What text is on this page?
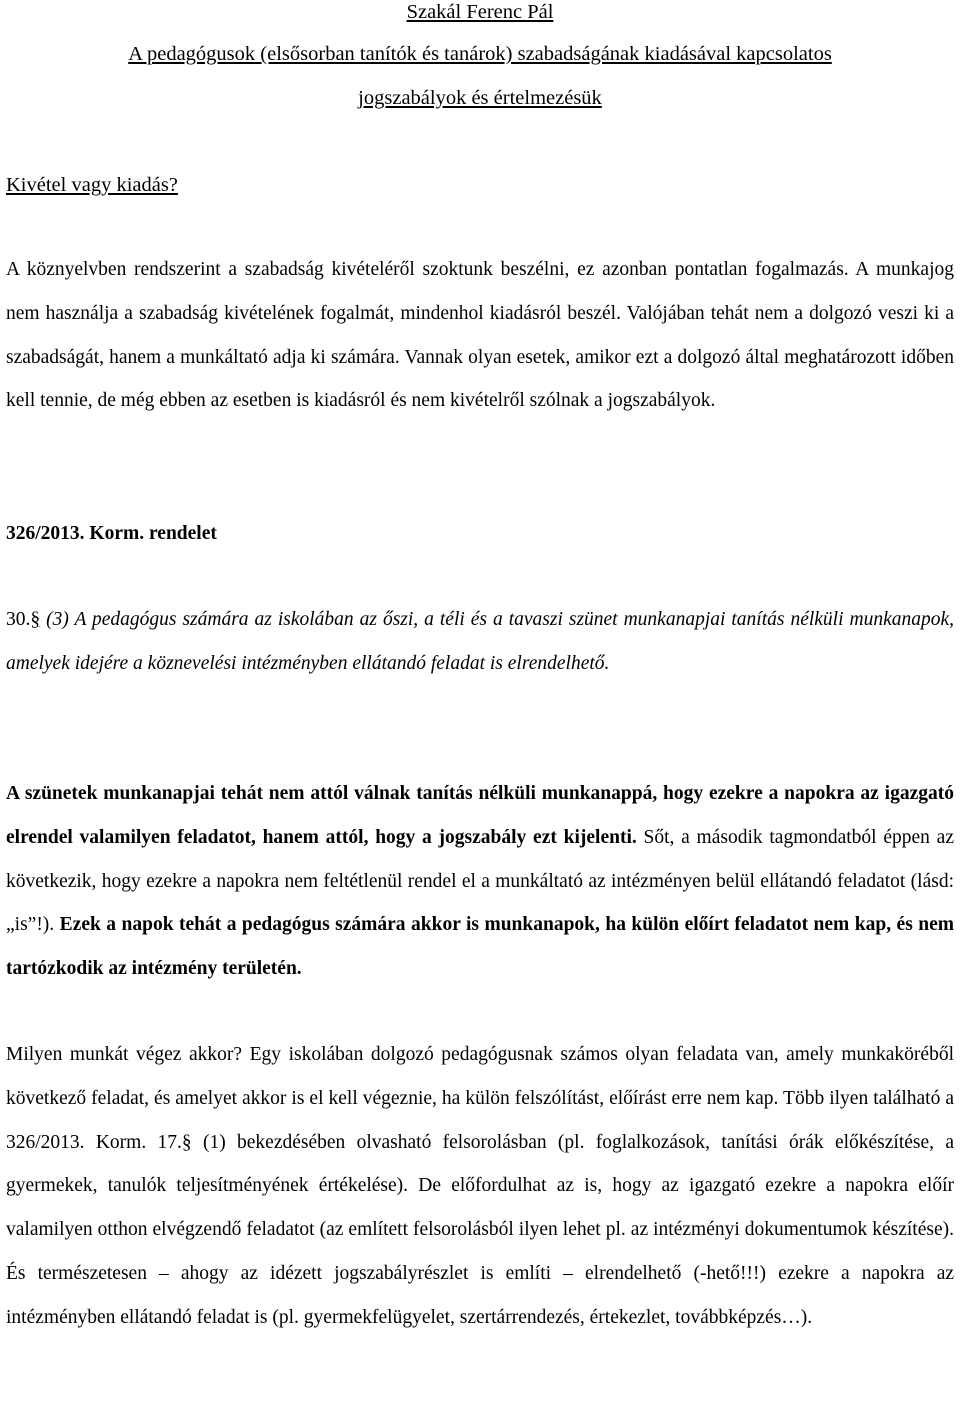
Szakál Ferenc Pál
A pedagógusok (elsősorban tanítók és tanárok) szabadságának kiadásával kapcsolatos
jogszabályok és értelmezésük
Kivétel vagy kiadás?

A köznyelvben rendszerint a szabadság kivételéről szoktunk beszélni, ez azonban pontatlan fogalmazás. A munkajog nem használja a szabadság kivételének fogalmát, mindenhol kiadásról beszél. Valójában tehát nem a dolgozó veszi ki a szabadságát, hanem a munkáltató adja ki számára. Vannak olyan esetek, amikor ezt a dolgozó által meghatározott időben kell tennie, de még ebben az esetben is kiadásról és nem kivételről szólnak a jogszabályok.

326/2013. Korm. rendelet

30.§ (3) A pedagógus számára az iskolában az őszi, a téli és a tavaszi szünet munkanapjai tanítás nélküli munkanapok, amelyek idejére a köznevelési intézményben ellátandó feladat is elrendelhető.

A szünetek munkanapjai tehát nem attól válnak tanítás nélküli munkanappá, hogy ezekre a napokra az igazgató elrendel valamilyen feladatot, hanem attól, hogy a jogszabály ezt kijelenti. Sőt, a második tagmondatból éppen az következik, hogy ezekre a napokra nem feltétlenül rendel el a munkáltató az intézményen belül ellátandó feladatot (lásd: „is”!). Ezek a napok tehát a pedagógus számára akkor is munkanapok, ha külön előírt feladatot nem kap, és nem tartózkodik az intézmény területén.

Milyen munkát végez akkor? Egy iskolában dolgozó pedagógusnak számos olyan feladata van, amely munkaköréből következő feladat, és amelyet akkor is el kell végeznie, ha külön felszólítást, előírást erre nem kap. Több ilyen található a 326/2013. Korm. 17.§ (1) bekezdésében olvasható felsorolásban (pl. foglalkozások, tanítási órák előkészítése, a gyermekek, tanulók teljesítményének értékelése). De előfordulhat az is, hogy az igazgató ezekre a napokra előír valamilyen otthon elvégzendő feladatot (az említett felsorolásból ilyen lehet pl. az intézményi dokumentumok készítése). És természetesen – ahogy az idézett jogszabályrészlet is említi – elrendelhető (-hető!!!) ezekre a napokra az intézményben ellátandó feladat is (pl. gyermekfelügyelet, szertárrendezés, értekezlet, továbbképzés…).
